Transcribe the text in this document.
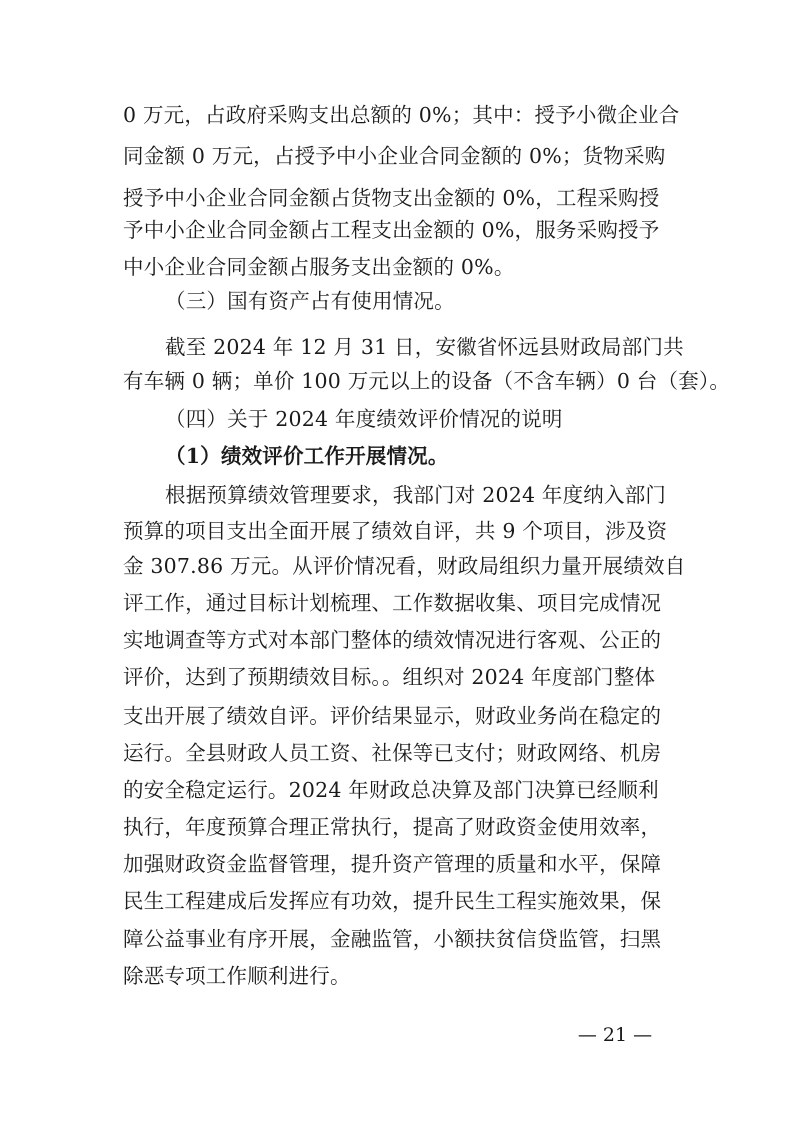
0 万元，占政府采购支出总额的 0%；其中：授予小微企业合
同金额 0 万元，占授予中小企业合同金额的 0%；货物采购
授予中小企业合同金额占货物支出金额的 0%，工程采购授
予中小企业合同金额占工程支出金额的 0%，服务采购授予
中小企业合同金额占服务支出金额的 0%。
（三）国有资产占有使用情况。
截至 2024 年 12 月 31 日，安徽省怀远县财政局部门共
有车辆 0 辆；单价 100 万元以上的设备（不含车辆）0 台（套）。
（四）关于 2024 年度绩效评价情况的说明
（1）绩效评价工作开展情况。
根据预算绩效管理要求，我部门对 2024 年度纳入部门
预算的项目支出全面开展了绩效自评，共 9 个项目，涉及资
金 307.86 万元。从评价情况看，财政局组织力量开展绩效自
评工作，通过目标计划梳理、工作数据收集、项目完成情况
实地调查等方式对本部门整体的绩效情况进行客观、公正的
评价，达到了预期绩效目标。。组织对 2024 年度部门整体
支出开展了绩效自评。评价结果显示，财政业务尚在稳定的
运行。全县财政人员工资、社保等已支付；财政网络、机房
的安全稳定运行。2024 年财政总决算及部门决算已经顺利
执行，年度预算合理正常执行，提高了财政资金使用效率，
加强财政资金监督管理，提升资产管理的质量和水平，保障
民生工程建成后发挥应有功效，提升民生工程实施效果，保
障公益事业有序开展，金融监管，小额扶贫信贷监管，扫黑
除恶专项工作顺利进行。
— 21 —
